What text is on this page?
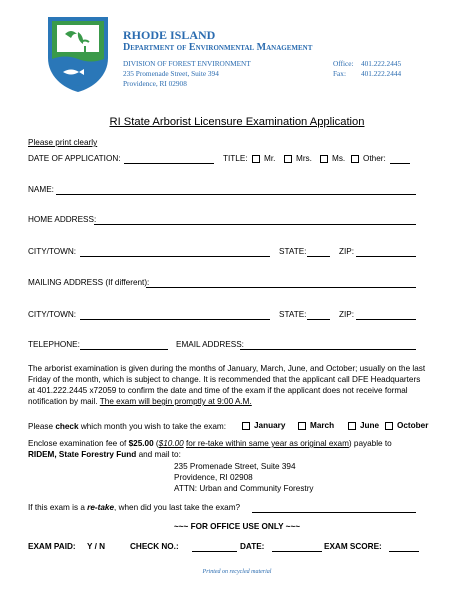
RHODE ISLAND
Department of Environmental Management
DIVISION OF FOREST ENVIRONMENT
235 Promenade Street, Suite 394
Providence, RI 02908
Office: 401.222.2445
Fax: 401.222.2444
RI State Arborist Licensure Examination Application
Please print clearly
DATE OF APPLICATION:	TITLE: Mr.	Mrs. Ms. Other:
NAME:
HOME ADDRESS:
CITY/TOWN:	STATE:	ZIP:
MAILING ADDRESS (If different):
CITY/TOWN:	STATE:	ZIP:
TELEPHONE:	EMAIL ADDRESS:
The arborist examination is given during the months of January, March, June, and October; usually on the last
Friday of the month, which is subject to change. It is recommended that the applicant call DFE Headquarters
at 401.222.2445 x72059 to confirm the date and time of the exam if the applicant does not receive formal
notification by mail. The exam will begin promptly at 9:00 A.M.
Please check which month you wish to take the exam:	January	March	June October
Enclose examination fee of $25.00 ($10.00 for re-take within same year as original exam) payable to
RIDEM, State Forestry Fund and mail to:
235 Promenade Street, Suite 394
Providence, RI 02908
ATTN: Urban and Community Forestry
If this exam is a re-take, when did you last take the exam?
~~~ FOR OFFICE USE ONLY ~~~
EXAM PAID: Y / N	CHECK NO.:	DATE:	EXAM SCORE:
Printed on recycled material
